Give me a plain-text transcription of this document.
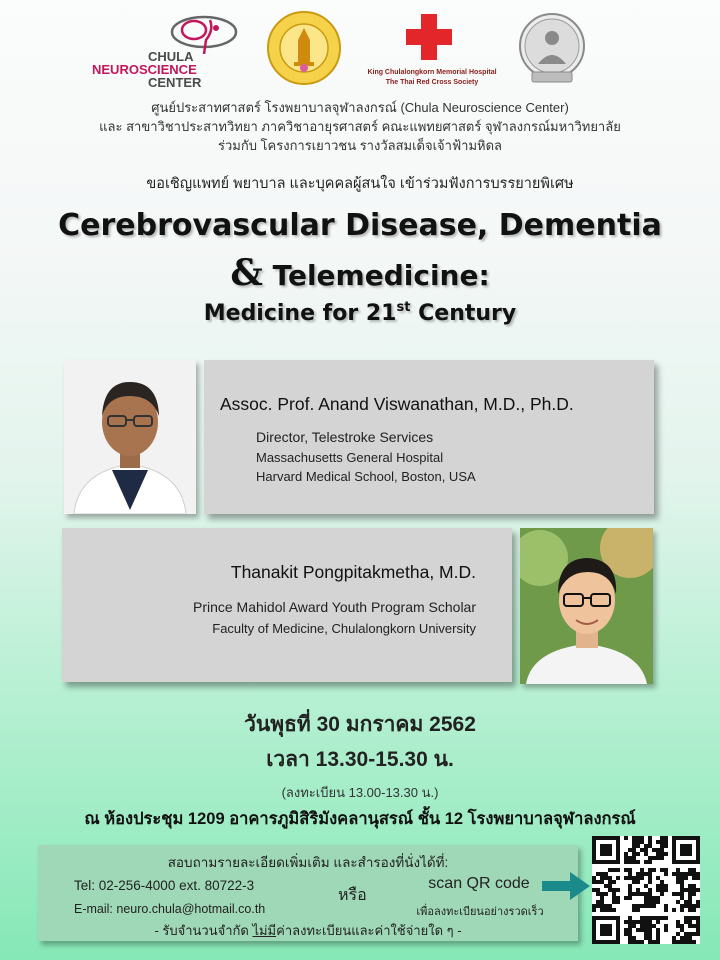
CHULA
NEUROSCIENCE
CENTER
King Chulalongkorn Memorial Hospital
The Thai Red Cross Society
ศูนย์ประสาทศาสตร์ โรงพยาบาลจุฬาลงกรณ์ (Chula Neuroscience Center)
และ สาขาวิชาประสาทวิทยา ภาควิชาอายุรศาสตร์ คณะแพทยศาสตร์ จุฬาลงกรณ์มหาวิทยาลัย
ร่วมกับ โครงการเยาวชน รางวัลสมเด็จเจ้าฟ้ามหิดล
ขอเชิญแพทย์ พยาบาล และบุคคลผู้สนใจ เข้าร่วมฟังการบรรยายพิเศษ
Cerebrovascular Disease, Dementia
& Telemedicine:
Medicine for 21st Century
Assoc. Prof. Anand Viswanathan, M.D., Ph.D.
Director, Telestroke Services
Massachusetts General Hospital
Harvard Medical School, Boston, USA
Thanakit Pongpitakmetha, M.D.
Prince Mahidol Award Youth Program Scholar
Faculty of Medicine, Chulalongkorn University
วันพุธที่ 30 มกราคม 2562
เวลา 13.30-15.30 น.
(ลงทะเบียน 13.00-13.30 น.)
ณ ห้องประชุม 1209 อาคารภูมิสิริมังคลานุสรณ์ ชั้น 12 โรงพยาบาลจุฬาลงกรณ์
สอบถามรายละเอียดเพิ่มเติม และสำรองที่นั่งได้ที่:
Tel: 02-256-4000 ext. 80722-3
E-mail: neuro.chula@hotmail.co.th
หรือ
scan QR code
เพื่อลงทะเบียนอย่างรวดเร็ว
- รับจำนวนจำกัด ไม่มีค่าลงทะเบียนและค่าใช้จ่ายใด ๆ -
